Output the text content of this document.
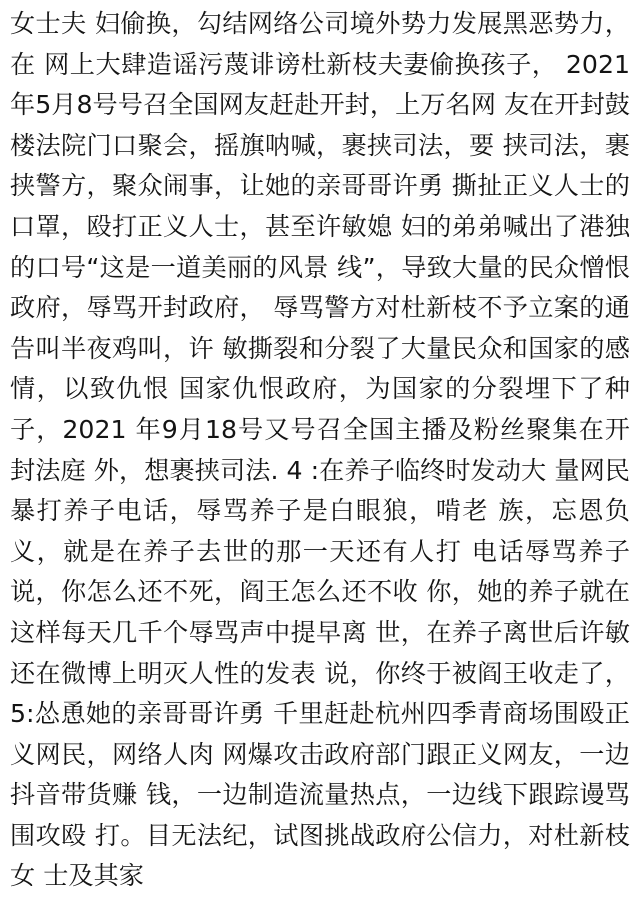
女士夫 妇偷换，勾结网络公司境外势力发展黑恶势力，在 网上大肆造谣污蔑诽谤杜新枝夫妻偷换孩子， 2021年5月8号号召全国网友赶赴开封，上万名网 友在开封鼓楼法院门口聚会，摇旗呐喊，裹挟司法，要 挟司法，裹挟警方，聚众闹事，让她的亲哥哥许勇 撕扯正义人士的口罩，殴打正义人士，甚至许敏媳 妇的弟弟喊出了港独的口号“这是一道美丽的风景 线”，导致大量的民众憎恨政府，辱骂开封政府， 辱骂警方对杜新枝不予立案的通告叫半夜鸡叫，许 敏撕裂和分裂了大量民众和国家的感情，以致仇恨 国家仇恨政府，为国家的分裂埋下了种子，2021 年9月18号又号召全国主播及粉丝聚集在开封法庭 外，想裹挟司法. 4 :在养子临终时发动大 量网民暴打养子电话，辱骂养子是白眼狼，啃老 族，忘恩负义，就是在养子去世的那一天还有人打 电话辱骂养子说，你怎么还不死，阎王怎么还不收 你，她的养子就在这样每天几千个辱骂声中提早离 世，在养子离世后许敏还在微博上明灭人性的发表 说，你终于被阎王收走了，5:怂恿她的亲哥哥许勇 千里赶赴杭州四季青商场围殴正义网民，网络人肉 网爆攻击政府部门跟正义网友，一边抖音带货赚 钱，一边制造流量热点，一边线下跟踪谩骂围攻殴 打。目无法纪，试图挑战政府公信力，对杜新枝女 士及其家
